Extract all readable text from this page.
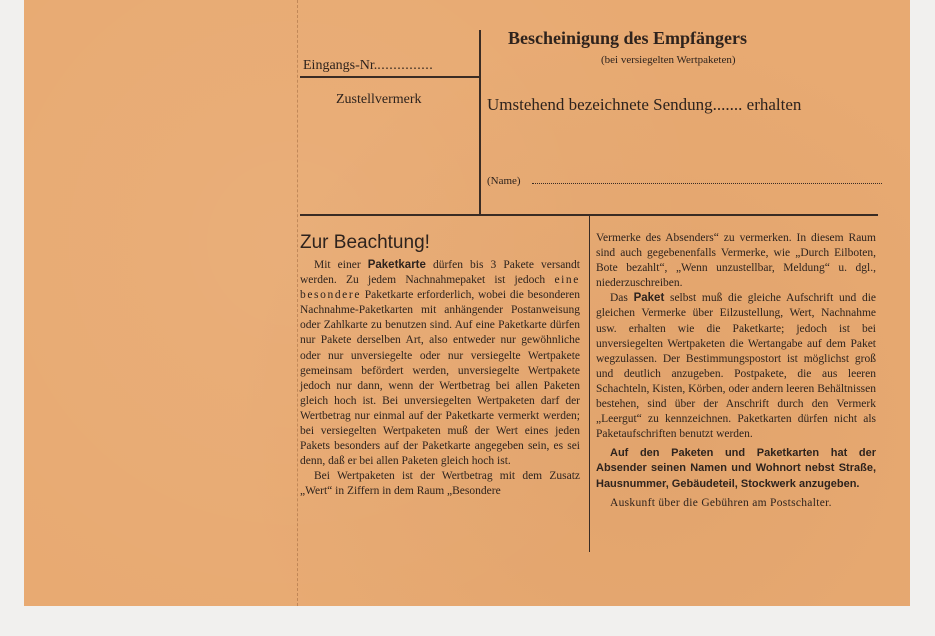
Eingangs-Nr...............
Zustellvermerk
Bescheinigung des Empfängers
(bei versiegelten Wertpaketen)
Umstehend bezeichnete Sendung....... erhalten
(Name)
Zur Beachtung!

Mit einer Paketkarte dürfen bis 3 Pakete versandt werden. Zu jedem Nachnahmepaket ist jedoch eine besondere Paketkarte erforderlich, wobei die besonderen Nachnahme-Paketkarten mit anhängender Postanweisung oder Zahlkarte zu benutzen sind. Auf eine Paketkarte dürfen nur Pakete derselben Art, also entweder nur gewöhnliche oder nur unversiegelte oder nur versiegelte Wertpakete gemeinsam befördert werden, unversiegelte Wertpakete jedoch nur dann, wenn der Wertbetrag bei allen Paketen gleich hoch ist. Bei unversiegelten Wertpaketen darf der Wertbetrag nur einmal auf der Paketkarte vermerkt werden; bei versiegelten Wertpaketen muß der Wert eines jeden Pakets besonders auf der Paketkarte angegeben sein, es sei denn, daß er bei allen Paketen gleich hoch ist.

Bei Wertpaketen ist der Wertbetrag mit dem Zusatz „Wert“ in Ziffern in dem Raum „Besondere

Vermerke des Absenders“ zu vermerken. In diesem Raum sind auch gegebenenfalls Vermerke, wie „Durch Eilboten, Bote bezahlt“, „Wenn unzustellbar, Meldung“ u. dgl., niederzuschreiben.

Das Paket selbst muß die gleiche Aufschrift und die gleichen Vermerke über Eilzustellung, Wert, Nachnahme usw. erhalten wie die Paketkarte; jedoch ist bei unversiegelten Wertpaketen die Wertangabe auf dem Paket wegzulassen. Der Bestimmungspostort ist möglichst groß und deutlich anzugeben. Postpakete, die aus leeren Schachteln, Kisten, Körben, oder andern leeren Behältnissen bestehen, sind über der Anschrift durch den Vermerk „Leergut“ zu kennzeichnen. Paketkarten dürfen nicht als Paketaufschriften benutzt werden.

Auf den Paketen und Paketkarten hat der Absender seinen Namen und Wohnort nebst Straße, Hausnummer, Gebäudeteil, Stockwerk anzugeben.

Auskunft über die Gebühren am Postschalter.
